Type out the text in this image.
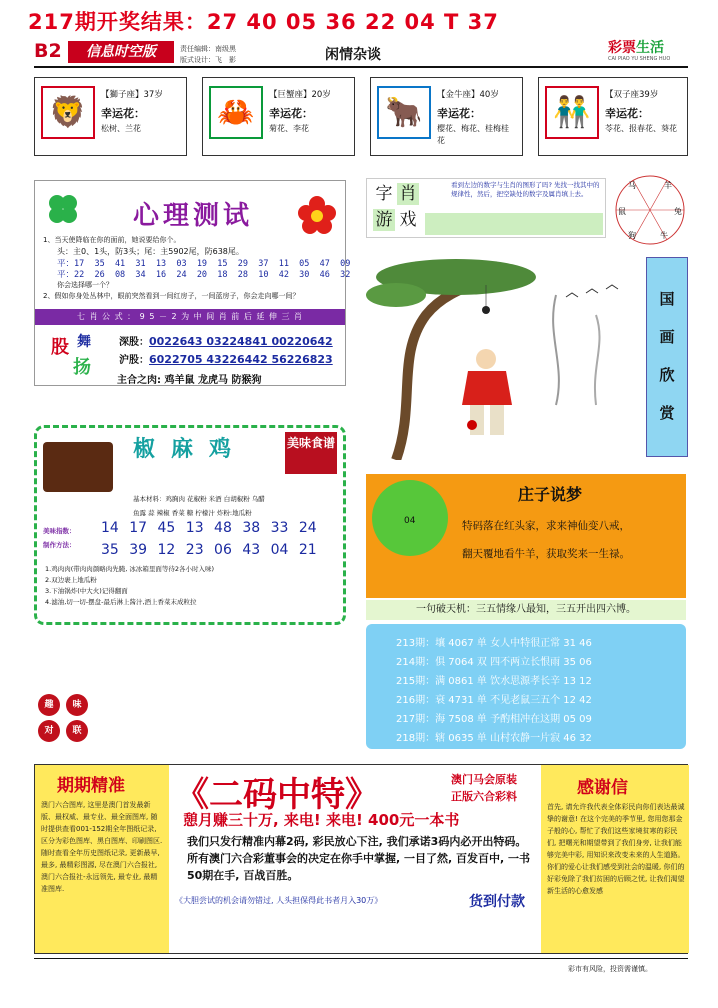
217期开奖结果：27 40 05 36 22 04 T 37
B2	信息时空版	责任编辑：南级黑
版式设计：飞　影	闲情杂谈	彩票生活
CAI PIAO YU SHENG HUO
🦁	【獅子座】37岁
幸运花：
松树、兰花	🦀	【巨蟹座】20岁
幸运花：
菊花、李花	🐂	【金牛座】40岁
幸运花：
樱花、梅花、桂梅桂花
👬	【双子座39岁
幸运花：
苓花、报春花、葵花
心理测试
1、当天使降临在你的面前，她说要给你个。
头：主0、1头，防3头；尾：主5902尾，防638尾。
平：17  35  41  31  13  03  19  15  29  37  11  05  47  09
平：22  26  08  34  16  24  20  18  28  10  42  30  46  32
你会选择哪一个？
2、假如你身处丛林中，眼前突然看到一间红房子，一间蓝房子，你会走向哪一间？
七 肖 公 式 ： 9 5 － 2 为 中 间 肖 前 后 延 伸 三 肖
股 舞
扬
深股：0022643 03224841 00220642
沪股：6022705 43226442 56226823
主合之肉: 鸡羊鼠 龙虎马 防猴狗
字 肖
游 戏
看到左边的数字与生肖的图形了吗? 先找一找其中的规律性，然后，把空缺处的数字及属肖填上去。
马	羊
兔
牛
狗
鼠
国
画
欣
赏
椒麻鸡	美味食谱
基本材料：鸡胸肉 花椒粉 米酒 白胡椒粉 乌醋
鱼露 蒜 辣椒 香菜 糖 柠檬汁 炸粉:地瓜粉
美味指数：
制作方法：
14 17 45 13 48 38 33 24
35 39 12 23 06 43 04 21
1.鸡肉肉(带肉肉颜略肉先腌, 冰冰箱里面等待2各小时入味)
2.双边裹上地瓜粉
3.下油锅炸(中大火)记得翻面
4.滤油,切一切-摆盘-最后淋上酱汁,酒上香菜末成粒拉
趣	味
对	联
04
庄子说梦
特码落在红头家，求来神仙变八戒，
翻天覆地看牛羊，获取奖来一生禄。
一句破天机：三五情缘八最知，三五开出四六博。
213期：壤 4067 单 女人中特很正常 31 46
214期：俱 7064 双 四不两立长恨雨 35 06
215期：满 0861 单 饮水思源孝长辛 13 12
216期：衰 4731 单 不见老鼠三五个 12 42
217期：海 7508 单 予酌相冲在这期 05 09
218期：辖 0635 单 山村农静一片寂 46 32
期期精准
澳门六合图库, 这里是澳门首发最新版、最权威、最专业、最全面图库, 随时提供查看001-152期全年图纸记录, 区分为彩色图库、黑白图库、印刷图区. 随时查看全年历史图纸记录, 更新最早, 最多, 最精彩图源, 尽在澳门六合报社, 澳门六合报社-永远领先, 最专业, 最精准图库.
《二码中特》	澳门马会原装
正版六合彩料
憩月赚三十万, 来电! 来电! 400元一本书
我们只发行精准内幕2码, 彩民放心下注, 我们承诺3码内必开出特码。所有澳门六合彩董事会的决定在你手中掌握, 一目了然, 百发百中, 一书50期在手, 百战百胜。
《大胆尝试的机会请勿错过, 人头担保得此书者月入30万》	货到付款
感谢信
首先, 请允许我代表全体彩民向你们表达最诚挚的谢意! 在这个完美的季节里, 您用您那金子般的心, 帮忙了我们这些家境贫寒的彩民们, 把曙光和期望带到了我们身旁, 让我们能够完美中彩, 用知识来改变未来的人生道路。你们的爱心让我们感受到社会的温暖, 你们的好彩免除了我们贫困的后顾之忧, 让我们渴望新生活的心愈发感
彩市有风险，投资需谨慎。
